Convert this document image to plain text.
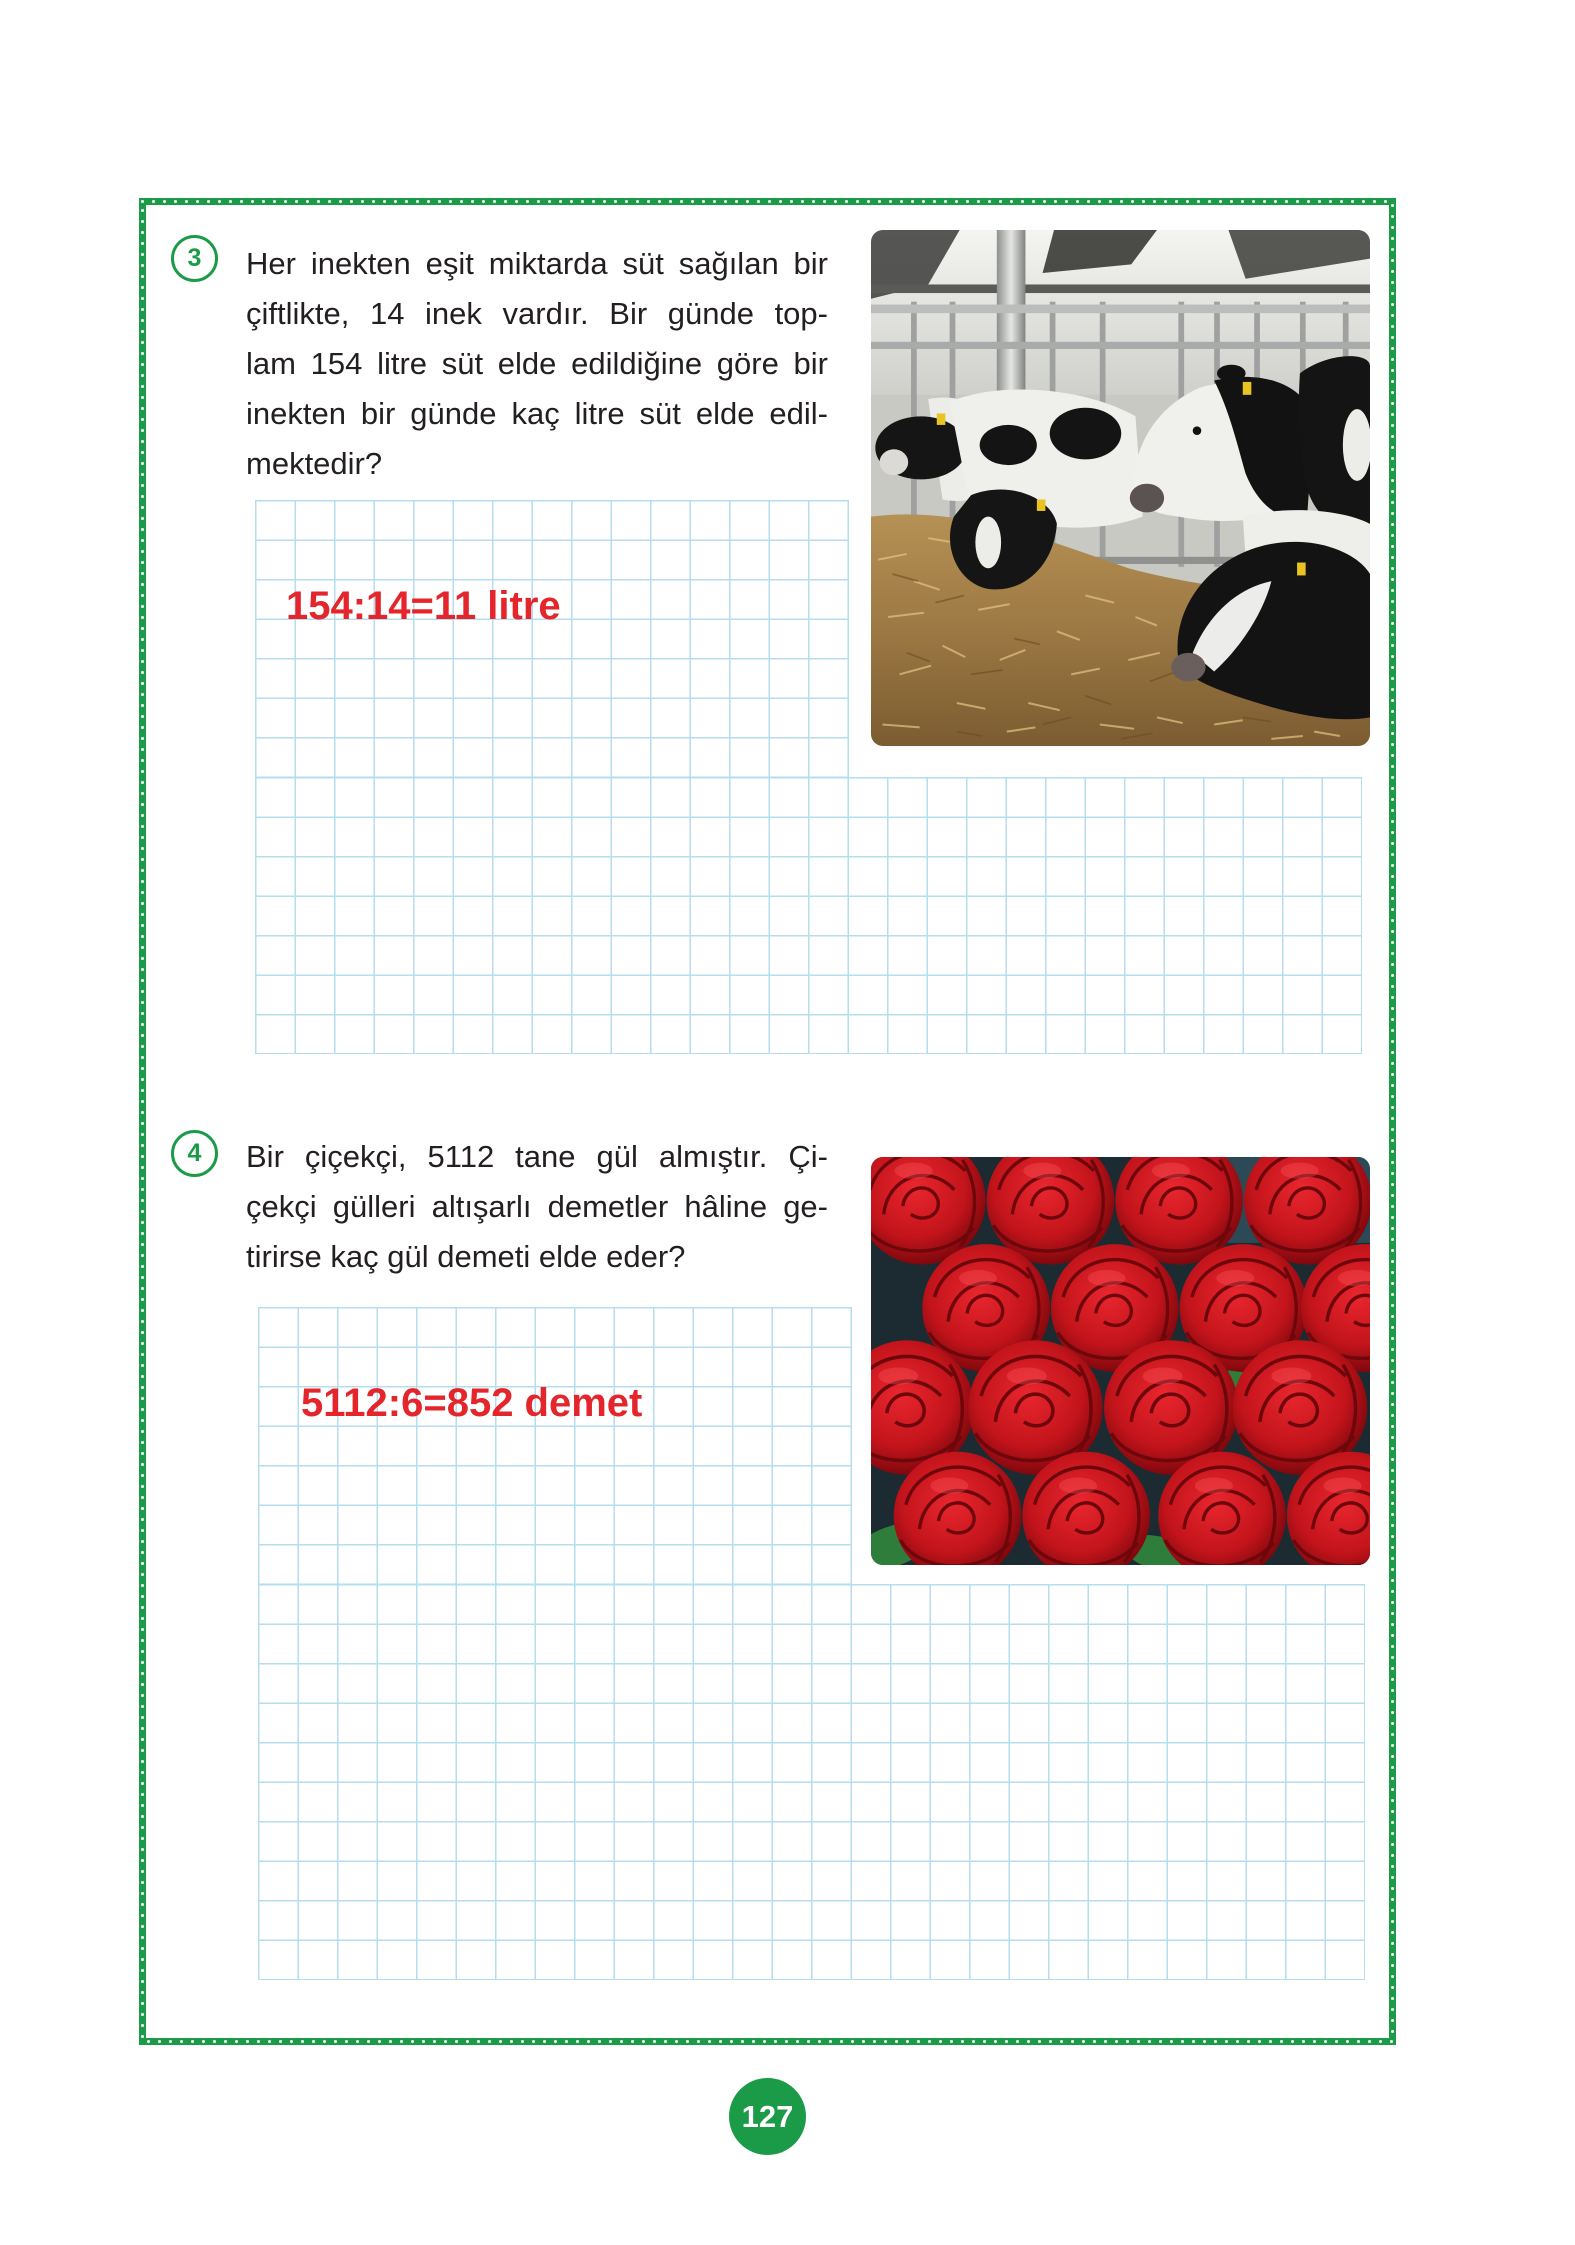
3	Her inekten eşit miktarda süt sağılan bir
çiftlikte, 14 inek vardır. Bir günde top-
lam 154 litre süt elde edildiğine göre bir
inekten bir günde kaç litre süt elde edil-
mektedir?
154:14=11 litre
4	Bir çiçekçi, 5112 tane gül almıştır. Çi-
çekçi gülleri altışarlı demetler hâline ge-
tirirse kaç gül demeti elde eder?
5112:6=852 demet
127
